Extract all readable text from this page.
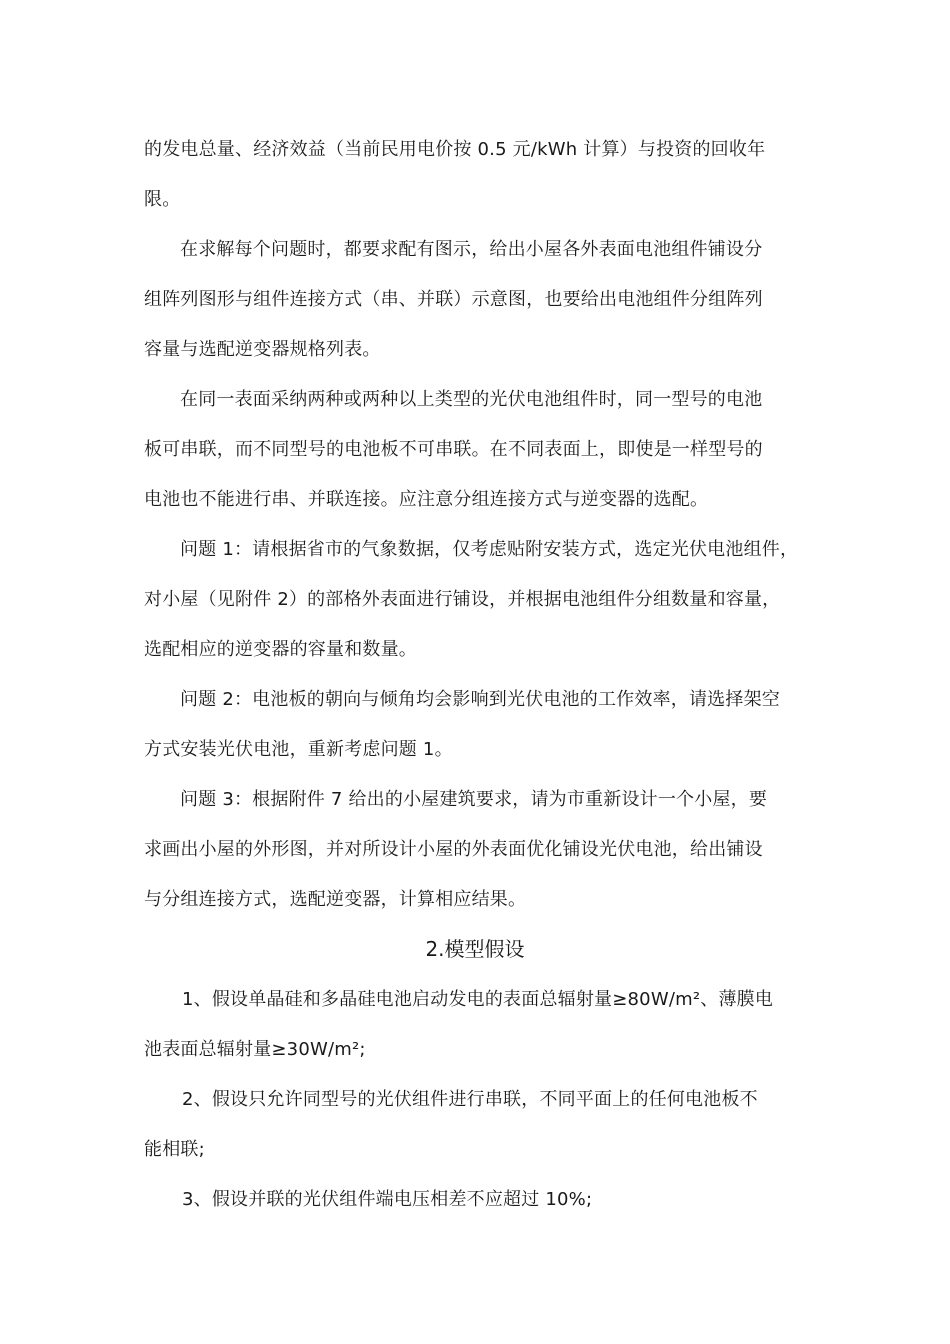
的发电总量、经济效益（当前民用电价按 0.5 元/kWh 计算）与投资的回收年
限。
在求解每个问题时，都要求配有图示，给出小屋各外表面电池组件铺设分
组阵列图形与组件连接方式（串、并联）示意图，也要给出电池组件分组阵列
容量与选配逆变器规格列表。
在同一表面采纳两种或两种以上类型的光伏电池组件时，同一型号的电池
板可串联，而不同型号的电池板不可串联。在不同表面上，即使是一样型号的
电池也不能进行串、并联连接。应注意分组连接方式与逆变器的选配。
问题 1：请根据省市的气象数据，仅考虑贴附安装方式，选定光伏电池组件，
对小屋（见附件 2）的部格外表面进行铺设，并根据电池组件分组数量和容量，
选配相应的逆变器的容量和数量。
问题 2：电池板的朝向与倾角均会影响到光伏电池的工作效率，请选择架空
方式安装光伏电池，重新考虑问题 1。
问题 3：根据附件 7 给出的小屋建筑要求，请为市重新设计一个小屋，要
求画出小屋的外形图，并对所设计小屋的外表面优化铺设光伏电池，给出铺设
与分组连接方式，选配逆变器，计算相应结果。
2.模型假设
1、假设单晶硅和多晶硅电池启动发电的表面总辐射量≥80W/m²、薄膜电
池表面总辐射量≥30W/m²;
2、假设只允许同型号的光伏组件进行串联，不同平面上的任何电池板不
能相联;
3、假设并联的光伏组件端电压相差不应超过 10%;
